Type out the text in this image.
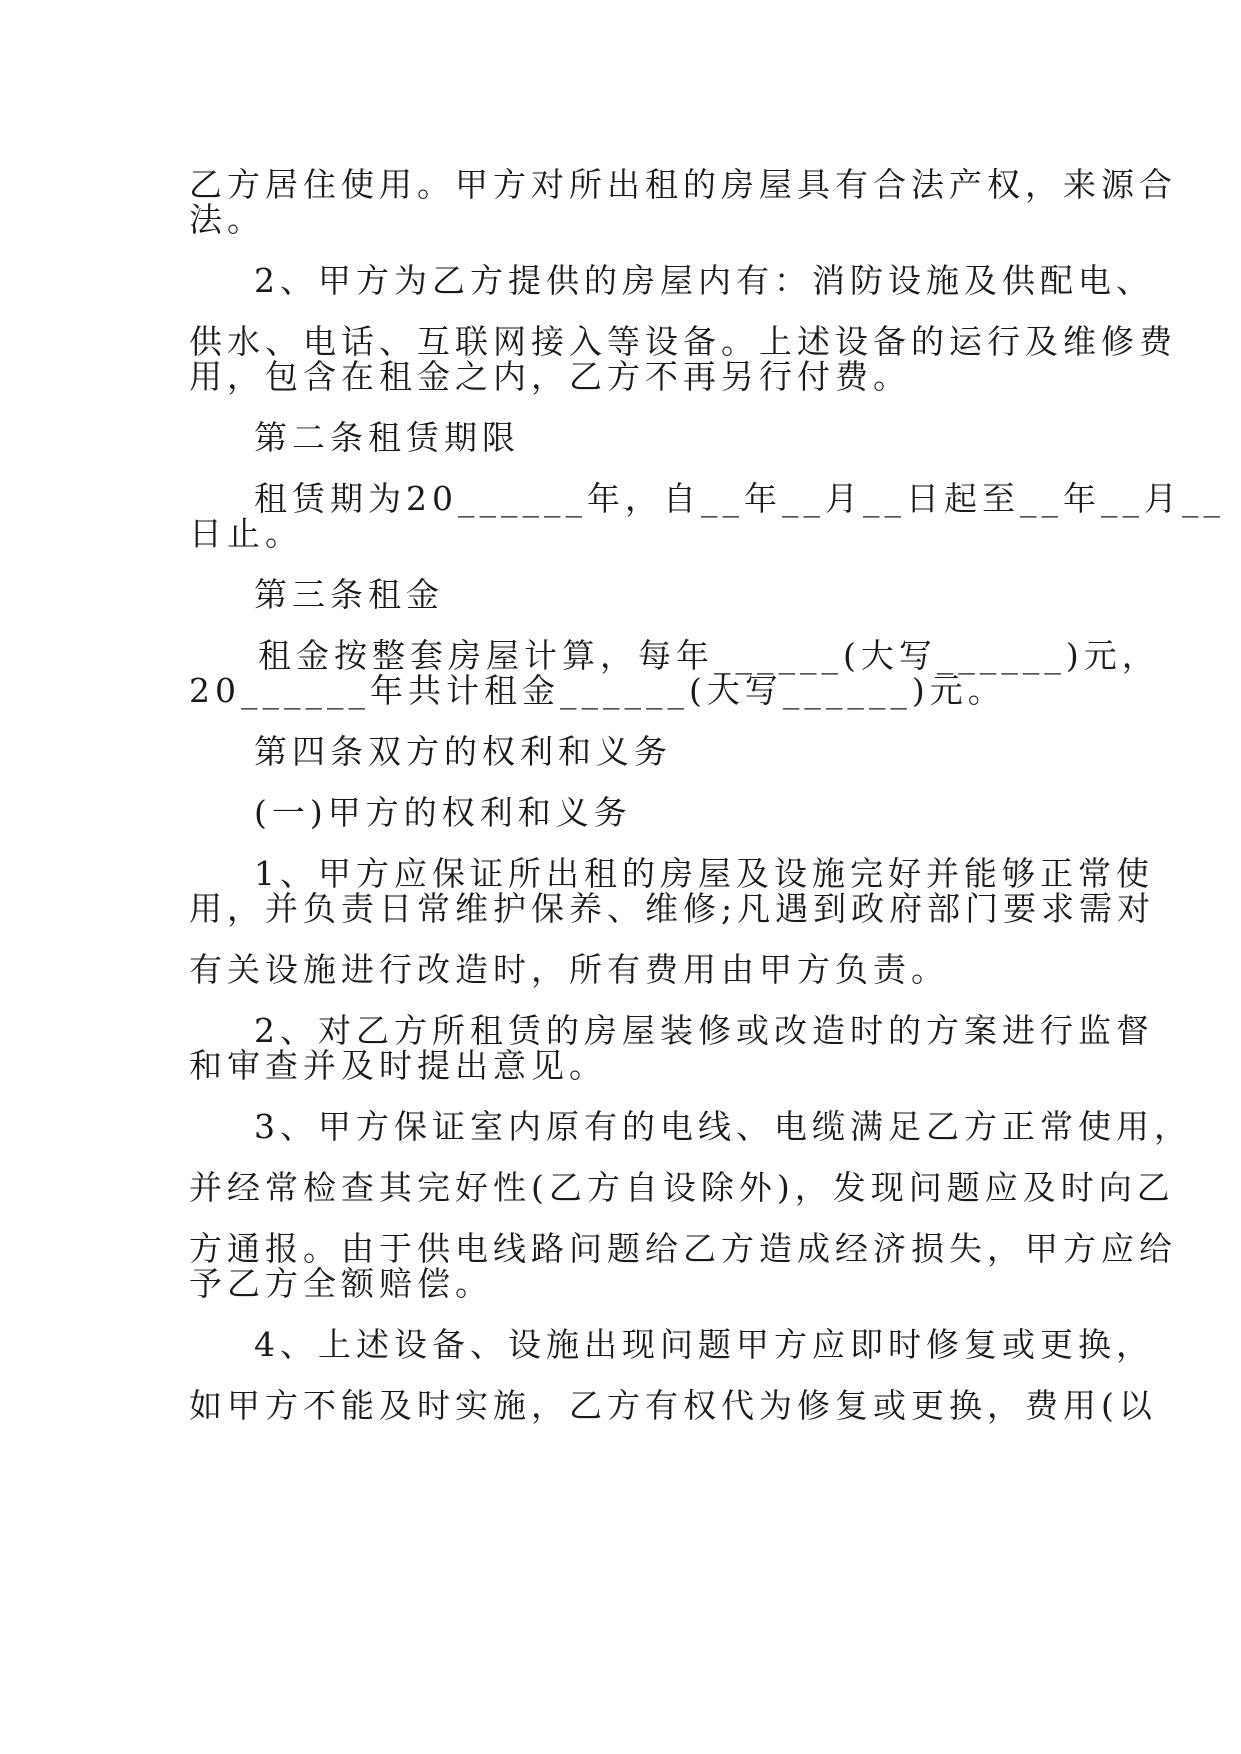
乙方居住使用。甲方对所出租的房屋具有合法产权，来源合
法。
2、甲方为乙方提供的房屋内有：消防设施及供配电、
供水、电话、互联网接入等设备。上述设备的运行及维修费
用，包含在租金之内，乙方不再另行付费。
第二条租赁期限
租赁期为20______年，自__年__月__日起至__年__月__
日止。
第三条租金
租金按整套房屋计算，每年______(大写______)元，
20______年共计租金______(大写______)元。
第四条双方的权利和义务
(一)甲方的权利和义务
1、甲方应保证所出租的房屋及设施完好并能够正常使
用，并负责日常维护保养、维修;凡遇到政府部门要求需对
有关设施进行改造时，所有费用由甲方负责。
2、对乙方所租赁的房屋装修或改造时的方案进行监督
和审查并及时提出意见。
3、甲方保证室内原有的电线、电缆满足乙方正常使用，
并经常检查其完好性(乙方自设除外)，发现问题应及时向乙
方通报。由于供电线路问题给乙方造成经济损失，甲方应给
予乙方全额赔偿。
4、上述设备、设施出现问题甲方应即时修复或更换，
如甲方不能及时实施，乙方有权代为修复或更换，费用(以
